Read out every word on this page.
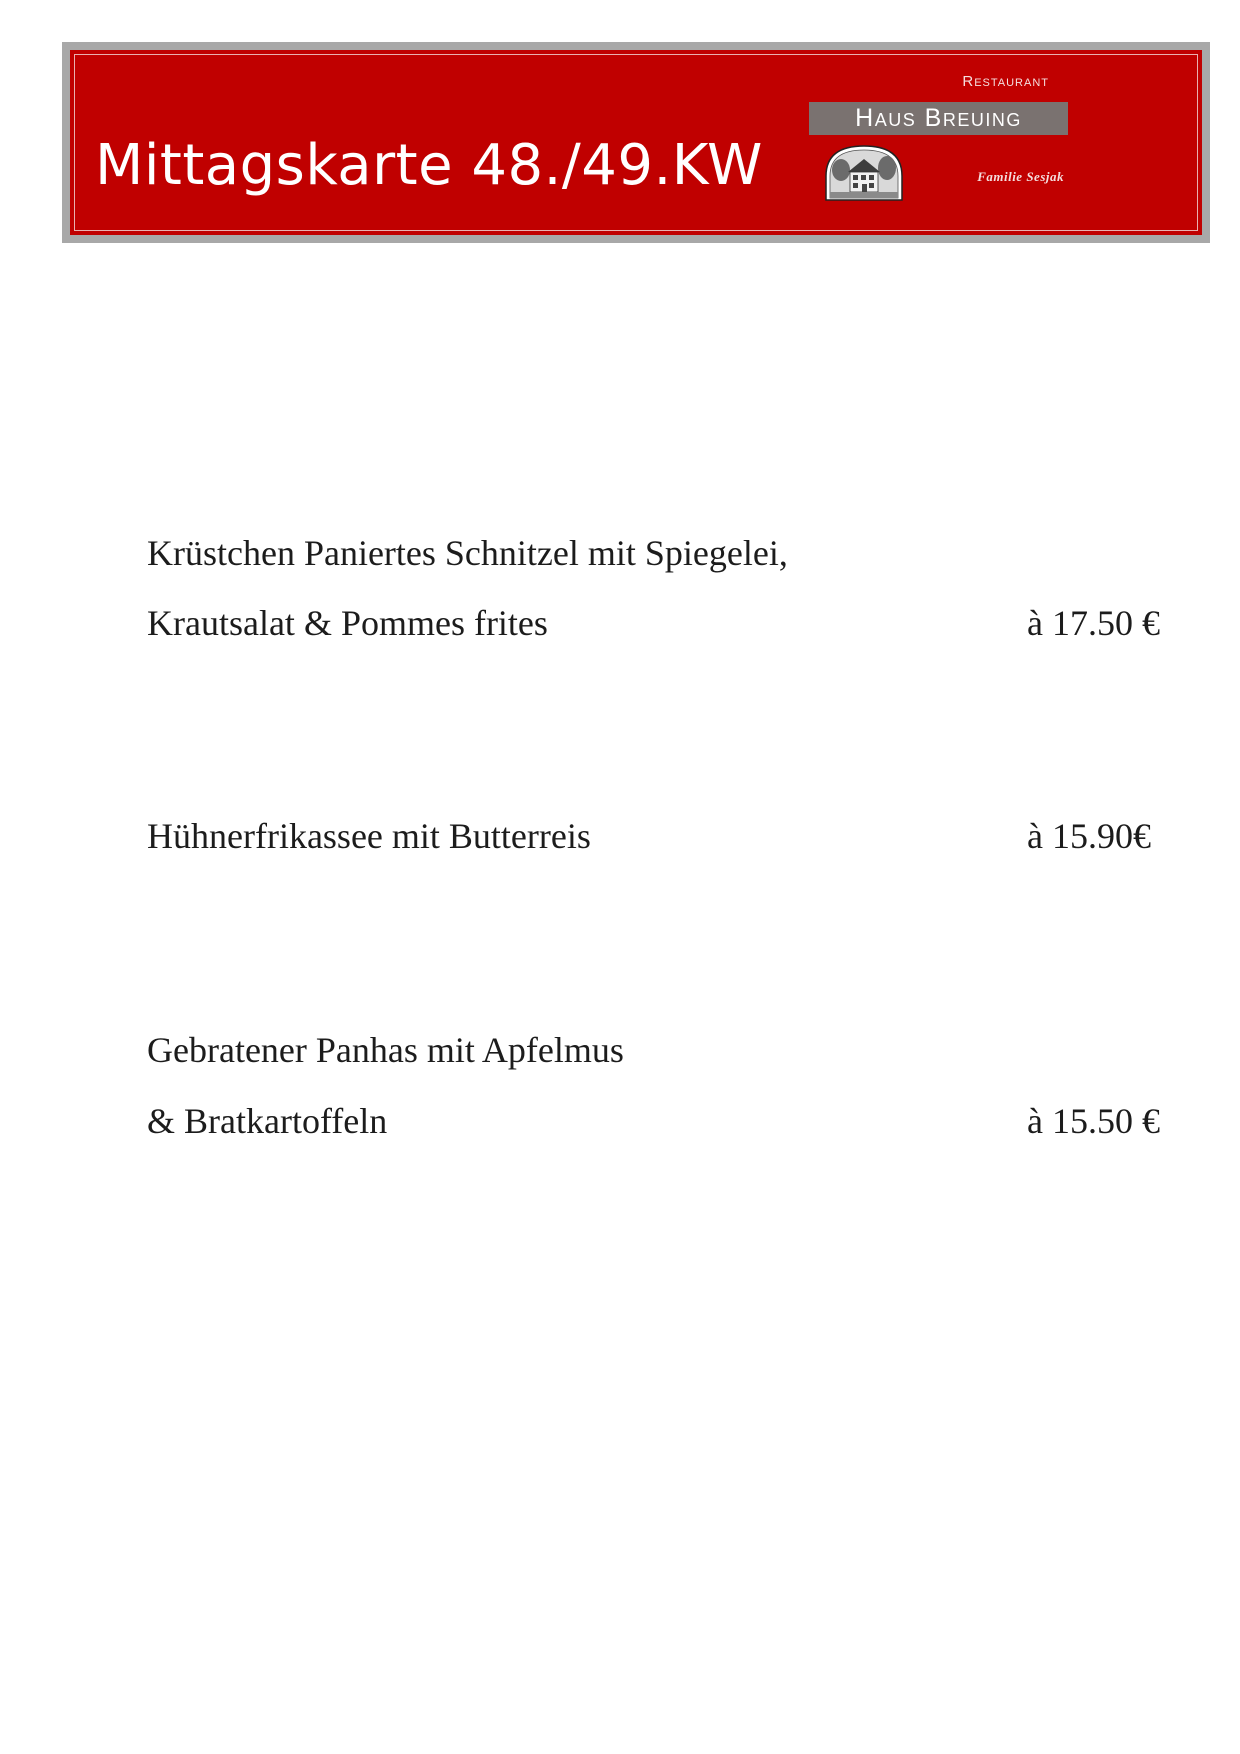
Mittagskarte 48./49.KW
Restaurant
Haus Breuing
Familie Sesjak
Krüstchen Paniertes Schnitzel mit Spiegelei,
Krautsalat & Pommes frites	à 17.50 €
Hühnerfrikassee mit Butterreis	à 15.90€
Gebratener Panhas mit Apfelmus
& Bratkartoffeln	à 15.50 €
